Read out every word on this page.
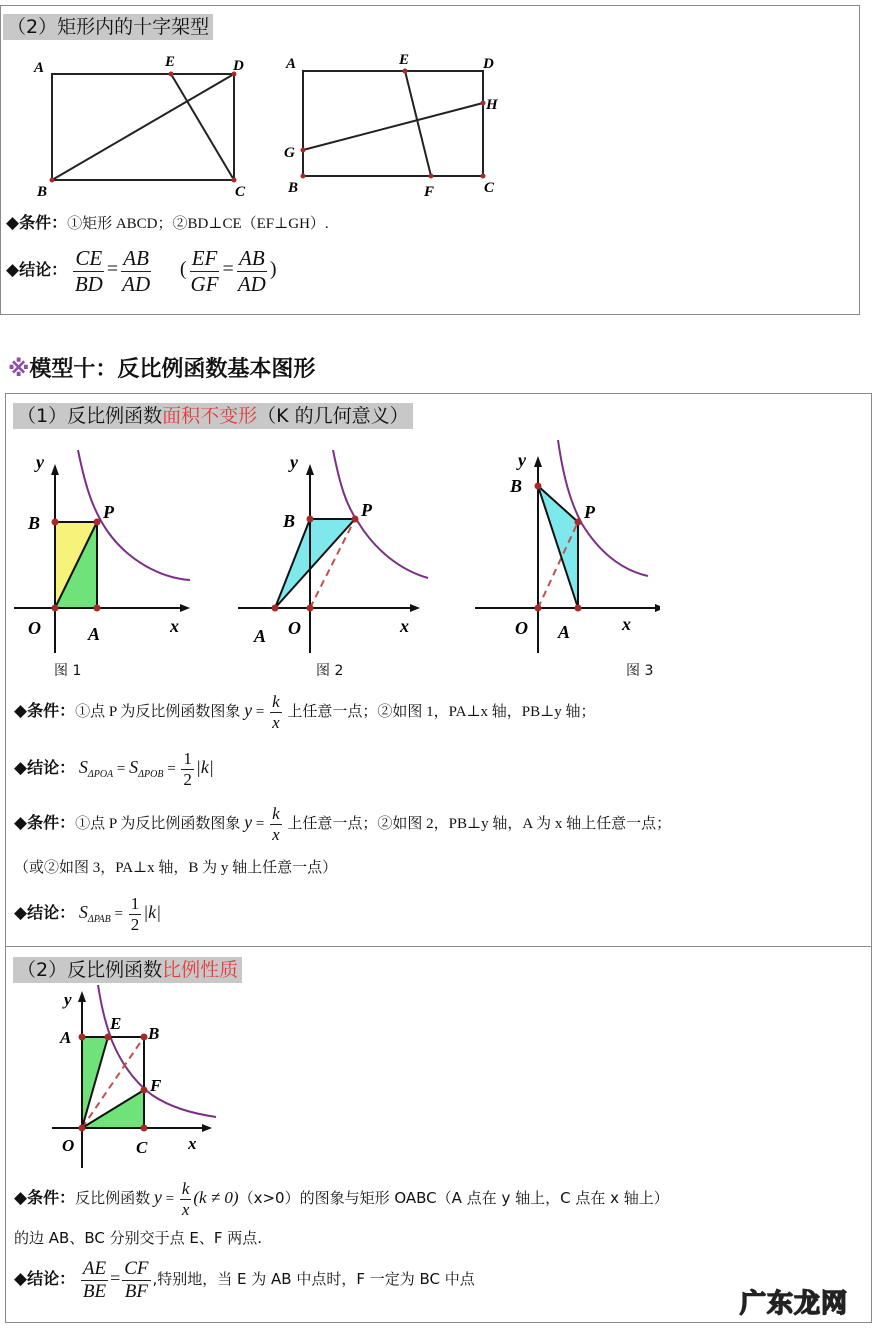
（2）矩形内的十字架型
A	E	D
B	C
A	E	D
H
G
B	F	C
◆条件：①矩形 ABCD；②BD⊥CE（EF⊥GH）.
◆结论： $\frac{CE}{BD} = \frac{AB}{AD}$ ( $\frac{EF}{GF} = \frac{AB}{AD}$ )
※模型十：反比例函数基本图形
（1）反比例函数面积不变形（K 的几何意义）
y
P
B
O	A	x
图 1
y
P
B
A O	x
图 2
y
B
P
O A	x
图 3
◆条件：①点 P 为反比例函数图象 $y = \frac{k}{x}$ 上任意一点；②如图 1，PA⊥x 轴，PB⊥y 轴；
◆结论： $S_{\Delta POA} = S_{\Delta POB} = \frac{1}{2} |k|$
◆条件：①点 P 为反比例函数图象 $y = \frac{k}{x}$ 上任意一点；②如图 2，PB⊥y 轴，A 为 x 轴上任意一点；
（或②如图 3，PA⊥x 轴，B 为 y 轴上任意一点）
◆结论： $S_{\Delta PAB} = \frac{1}{2} |k|$
（2）反比例函数比例性质
y
A
E
B
F
O	C x
◆条件：反比例函数 $y = \frac{k}{x} (k \ne 0)(x>0)$的图象与矩形 OABC（A 点在 y 轴上，C 点在 x 轴上）
的边 AB、BC 分别交于点 E、F 两点.
◆结论： $\frac{AE}{BE} = \frac{CF}{BF}$ ,特别地，当 E 为 AB 中点时，F 一定为 BC 中点
广东龙网
